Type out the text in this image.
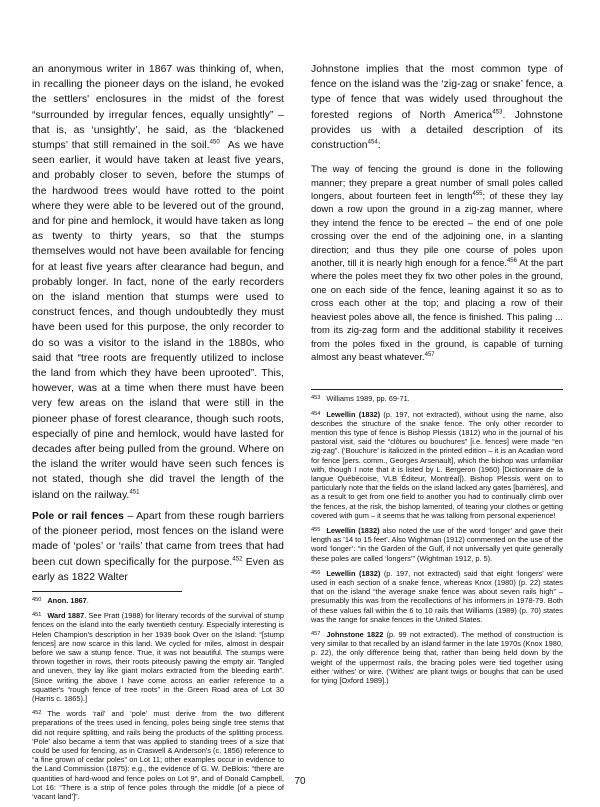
an anonymous writer in 1867 was thinking of, when, in recalling the pioneer days on the island, he evoked the settlers' enclosures in the midst of the forest “surrounded by irregular fences, equally unsightly” – that is, as ‘unsightly’, he said, as the ‘blackened stumps’ that still remained in the soil.$^{450}$ As we have seen earlier, it would have taken at least five years, and probably closer to seven, before the stumps of the hardwood trees would have rotted to the point where they were able to be levered out of the ground, and for pine and hemlock, it would have taken as long as twenty to thirty years, so that the stumps themselves would not have been available for fencing for at least five years after clearance had begun, and probably longer. In fact, none of the early recorders on the island mention that stumps were used to construct fences, and though undoubtedly they must have been used for this purpose, the only recorder to do so was a visitor to the island in the 1880s, who said that “tree roots are frequently utilized to inclose the land from which they have been uprooted”. This, however, was at a time when there must have been very few areas on the island that were still in the pioneer phase of forest clearance, though such roots, especially of pine and hemlock, would have lasted for decades after being pulled from the ground. Where on the island the writer would have seen such fences is not stated, though she did travel the length of the island on the railway.$^{451}$

Pole or rail fences – Apart from these rough barriers of the pioneer period, most fences on the island were made of ‘poles’ or ‘rails’ that came from trees that had been cut down specifically for the purpose.$^{452}$ Even as early as 1822 Walter

$^{450}$ Anon. 1867.

$^{451}$ Ward 1887. See Pratt (1988) for literary records of the survival of stump fences on the island into the early twentieth century. Especially interesting is Helen Champion's description in her 1939 book Over on the Island: “[stump fences] are now scarce in this land. We cycled for miles, almost in despair before we saw a stump fence. True, it was not beautiful. The stumps were thrown together in rows, their roots piteously pawing the empty air. Tangled and uneven, they lay like giant molars extracted from the bleeding earth”. [Since writing the above I have come across an earlier reference to a squatter's “rough fence of tree roots” in the Green Road area of Lot 30 (Harris c. 1865).]

$^{452}$ The words ‘rail’ and ‘pole’ must derive from the two different preparations of the trees used in fencing, poles being single tree stems that did not require splitting, and rails being the products of the splitting process. ‘Pole’ also became a term that was applied to standing trees of a size that could be used for fencing, as in Craswell & Anderson's (c. 1856) reference to “a fine grown of cedar poles” on Lot 11; other examples occur in evidence to the Land Commission (1875): e.g., the evidence of G. W. DeBlois: “there are quantities of hard-wood and fence poles on Lot 9”, and of Donald Campbell, Lot 16: “There is a strip of fence poles through the middle [of a piece of ‘vacant land’]”.

Johnstone implies that the most common type of fence on the island was the ‘zig-zag or snake’ fence, a type of fence that was widely used throughout the forested regions of North America$^{453}$. Johnstone provides us with a detailed description of its construction$^{454}$:

The way of fencing the ground is done in the following manner; they prepare a great number of small poles called longers, about fourteen feet in length$^{455}$; of these they lay down a row upon the ground in a zig-zag manner, where they intend the fence to be erected – the end of one pole crossing over the end of the adjoining one, in a slanting direction; and thus they pile one course of poles upon another, till it is nearly high enough for a fence.$^{456}$ At the part where the poles meet they fix two other poles in the ground, one on each side of the fence, leaning against it so as to cross each other at the top; and placing a row of their heaviest poles above all, the fence is finished. This paling ... from its zig-zag form and the additional stability it receives from the poles fixed in the ground, is capable of turning almost any beast whatever.$^{457}$

$^{453}$ Williams 1989, pp. 69-71.

$^{454}$ Lewellin (1832) (p. 197, not extracted), without using the name, also describes the structure of the snake fence. The only other recorder to mention this type of fence is Bishop Plessis (1812) who in the journal of his pastoral visit, said the “clôtures ou bouchures” [i.e. fences] were made “en zig-zag”. (‘Bouchure’ is italicized in the printed edition – it is an Acadian word for fence [pers. comm., Georges Arsenault], which the bishop was unfamiliar with, though I note that it is listed by L. Bergeron (1960) [Dictionnaire de la langue Québécoise, VLB Éditeur, Montréal]). Bishop Plessis went on to particularly note that the fields on the island lacked any gates [barrières], and as a result to get from one field to another you had to continually climb over the fences, at the risk, the bishop lamented, of tearing your clothes or getting covered with gum – it seems that he was talking from personal experience!

$^{455}$ Lewellin (1832) also noted the use of the word ‘longer’ and gave their length as ’14 to 15 feet’. Also Wightman (1912) commented on the use of the word ‘longer’: “in the Garden of the Gulf, if not universally yet quite generally these poles are called ‘longers’” (Wightman 1912, p. 5).

$^{456}$ Lewellin (1832) (p. 197, not extracted) said that eight ‘longers’ were used in each section of a snake fence, whereas Knox (1980) (p. 22) states that on the island “the average snake fence was about seven rails high” – presumably this was from the recollections of his informers in 1978-79. Both of these values fall within the 6 to 10 rails that Williams (1989) (p. 70) states was the range for snake fences in the United States.

$^{457}$ Johnstone 1822 (p. 99 not extracted). The method of construction is very similar to that recalled by an island farmer in the late 1970s (Knox 1980, p. 22), the only difference being that, rather than being held down by the weight of the uppermost rails, the bracing poles were tied together using either ‘withes’ or wire. (‘Withes’ are pliant twigs or boughs that can be used for tying [Oxford 1989].)

70
